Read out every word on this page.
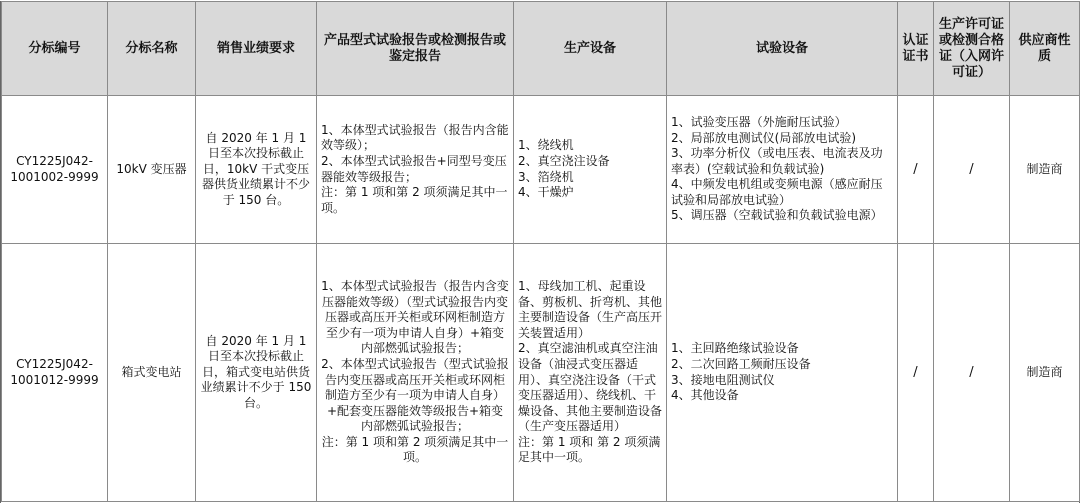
分标编号	分标名称	销售业绩要求	产品型式试验报告或检测报告或鉴定报告	生产设备	试验设备	认证证书	生产许可证或检测合格证（入网许可证）	供应商性质
CY1225J042-1001002-9999	10kV 变压器	自 2020 年 1 月 1 日至本次投标截止日，10kV 干式变压器供货业绩累计不少于 150 台。	1、本体型式试验报告（报告内含能效等级）；
2、本体型式试验报告+同型号变压器能效等级报告；
注：第 1 项和第 2 项须满足其中一项。	1、绕线机
2、真空浇注设备
3、箔绕机
4、干燥炉	1、试验变压器（外施耐压试验）
2、局部放电测试仪(局部放电试验)
3、功率分析仪（或电压表、电流表及功率表）(空载试验和负载试验)
4、中频发电机组或变频电源（感应耐压试验和局部放电试验）
5、调压器（空载试验和负载试验电源）	/	/	制造商
CY1225J042-1001012-9999	箱式变电站	自 2020 年 1 月 1 日至本次投标截止日，箱式变电站供货业绩累计不少于 150 台。	1、本体型式试验报告（报告内含变压器能效等级）（型式试验报告内变压器或高压开关柜或环网柜制造方至少有一项为申请人自身）+箱变内部燃弧试验报告；
2、本体型式试验报告（型式试验报告内变压器或高压开关柜或环网柜制造方至少有一项为申请人自身）+配套变压器能效等级报告+箱变内部燃弧试验报告；
注：第 1 项和第 2 项须满足其中一项。	1、母线加工机、起重设备、剪板机、折弯机、其他主要制造设备（生产高压开关装置适用）
2、真空滤油机或真空注油设备（油浸式变压器适用）、真空浇注设备（干式变压器适用）、绕线机、干燥设备、其他主要制造设备（生产变压器适用）
注：第 1 项和 第 2 项须满足其中一项。	1、主回路绝缘试验设备
2、二次回路工频耐压设备
3、接地电阻测试仪
4、其他设备	/	/	制造商
